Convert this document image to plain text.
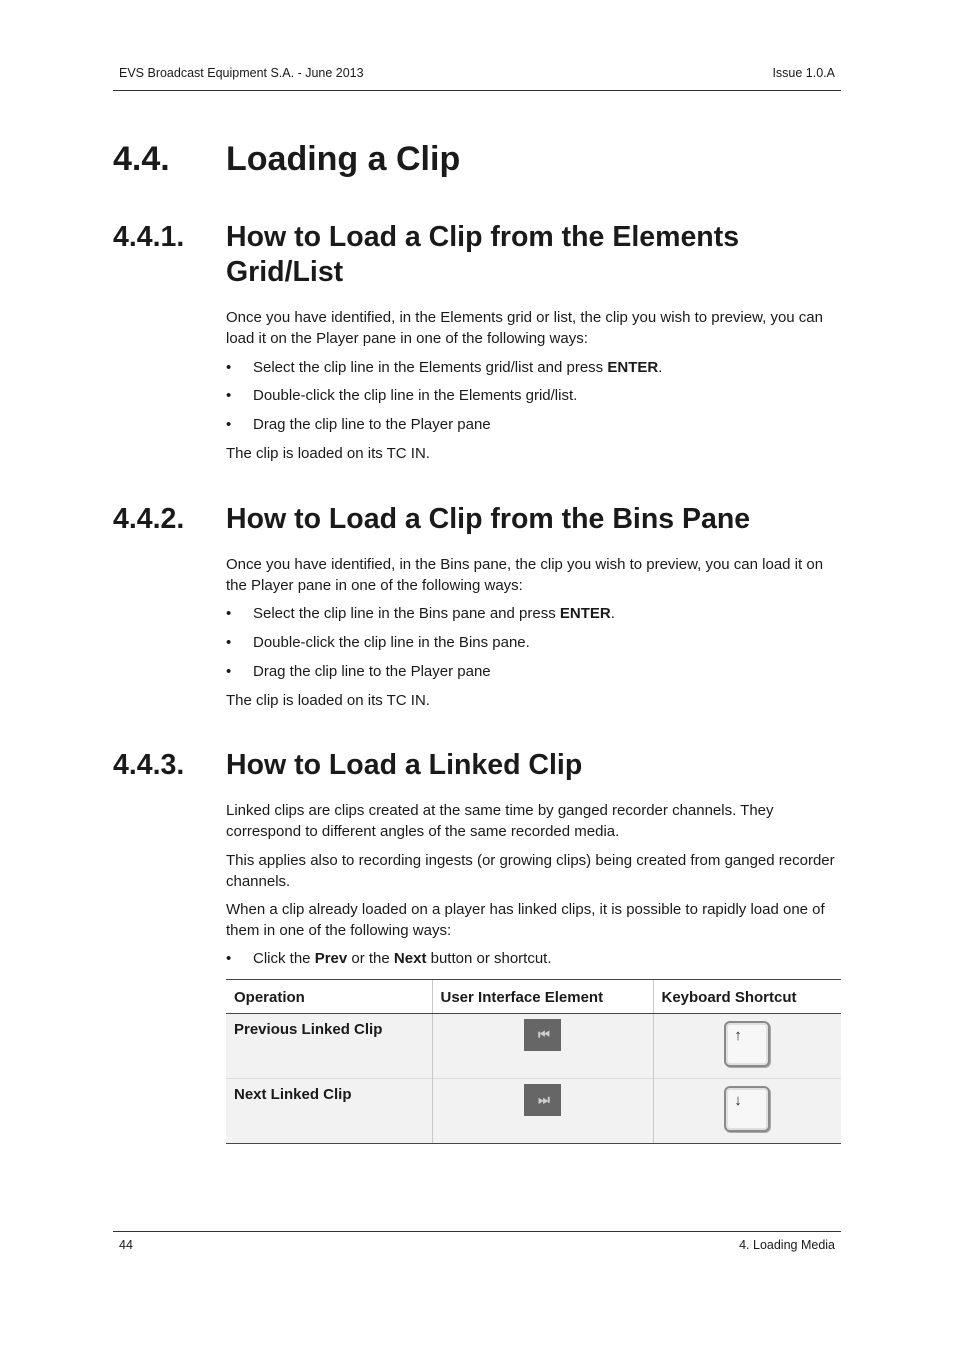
EVS Broadcast Equipment S.A. - June 2013	Issue 1.0.A
4.4. Loading a Clip
4.4.1. How to Load a Clip from the Elements Grid/List
Once you have identified, in the Elements grid or list, the clip you wish to preview, you can load it on the Player pane in one of the following ways:
• Select the clip line in the Elements grid/list and press ENTER.
• Double-click the clip line in the Elements grid/list.
• Drag the clip line to the Player pane
The clip is loaded on its TC IN.
4.4.2. How to Load a Clip from the Bins Pane
Once you have identified, in the Bins pane, the clip you wish to preview, you can load it on the Player pane in one of the following ways:
• Select the clip line in the Bins pane and press ENTER.
• Double-click the clip line in the Bins pane.
• Drag the clip line to the Player pane
The clip is loaded on its TC IN.
4.4.3. How to Load a Linked Clip
Linked clips are clips created at the same time by ganged recorder channels. They correspond to different angles of the same recorded media.
This applies also to recording ingests (or growing clips) being created from ganged recorder channels.
When a clip already loaded on a player has linked clips, it is possible to rapidly load one of them in one of the following ways:
• Click the Prev or the Next button or shortcut.
Operation	User Interface Element	Keyboard Shortcut
Previous Linked Clip	⏮	↑

Next Linked Clip	⏭	↓
44	4. Loading Media
